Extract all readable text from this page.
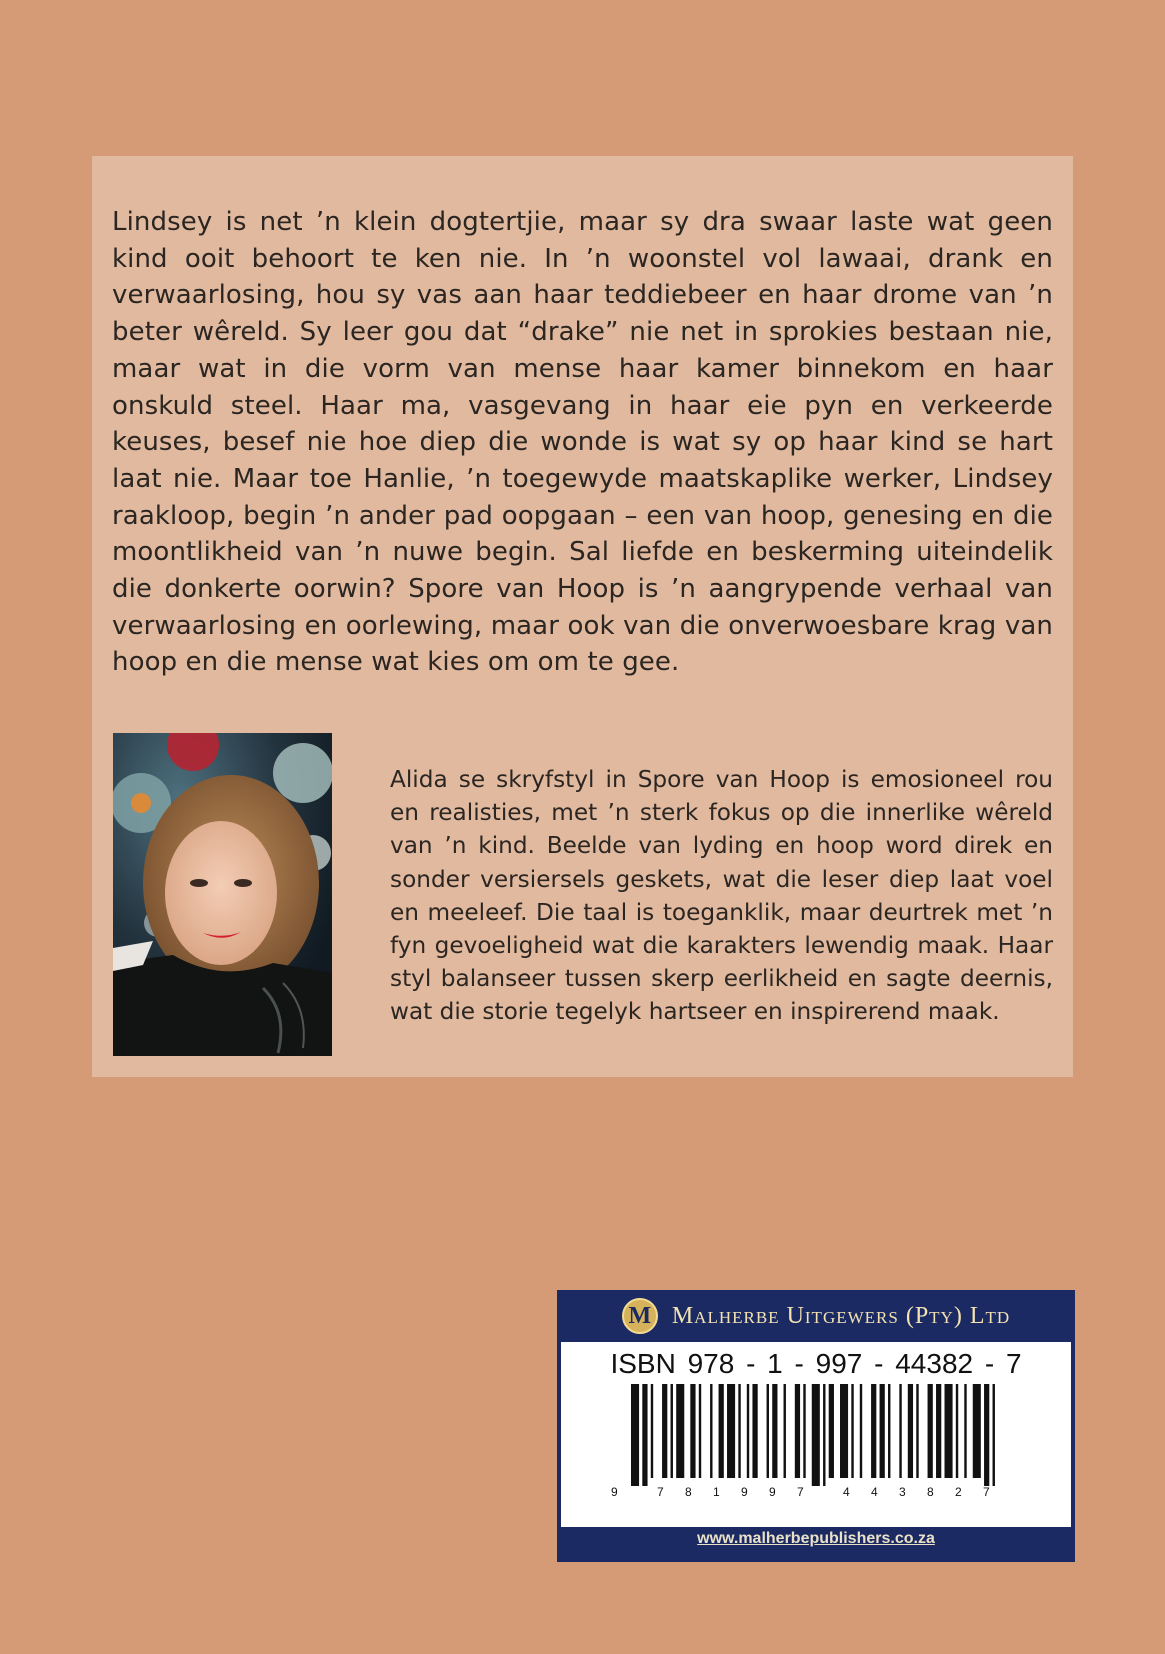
Lindsey is net ’n klein dogtertjie, maar sy dra swaar laste wat geen kind ooit behoort te ken nie. In ’n woonstel vol lawaai, drank en verwaarlosing, hou sy vas aan haar teddiebeer en haar drome van ’n beter wêreld. Sy leer gou dat “drake” nie net in sprokies bestaan nie, maar wat in die vorm van mense haar kamer binnekom en haar onskuld steel. Haar ma, vasgevang in haar eie pyn en verkeerde keuses, besef nie hoe diep die wonde is wat sy op haar kind se hart laat nie. Maar toe Hanlie, ’n toegewyde maatskaplike werker, Lindsey raakloop, begin ’n ander pad oopgaan – een van hoop, genesing en die moontlikheid van ’n nuwe begin. Sal liefde en beskerming uiteindelik die donkerte oorwin? Spore van Hoop is ’n aangrypende verhaal van verwaarlosing en oorlewing, maar ook van die onverwoesbare krag van hoop en die mense wat kies om om te gee.

Alida se skryfstyl in Spore van Hoop is emosioneel rou en realisties, met ’n sterk fokus op die innerlike wêreld van ’n kind. Beelde van lyding en hoop word direk en sonder versiersels geskets, wat die leser diep laat voel en meeleef. Die taal is toeganklik, maar deurtrek met ’n fyn gevoeligheid wat die karakters lewendig maak. Haar styl balanseer tussen skerp eerlikheid en sagte deernis, wat die storie tegelyk hartseer en inspirerend maak.

M Malherbe Uitgewers (Pty) Ltd
ISBN 978 - 1 - 997 - 44382 - 7
9	7 8 1 9 9 7	4 4 3 8 2 7
www.malherbepublishers.co.za
